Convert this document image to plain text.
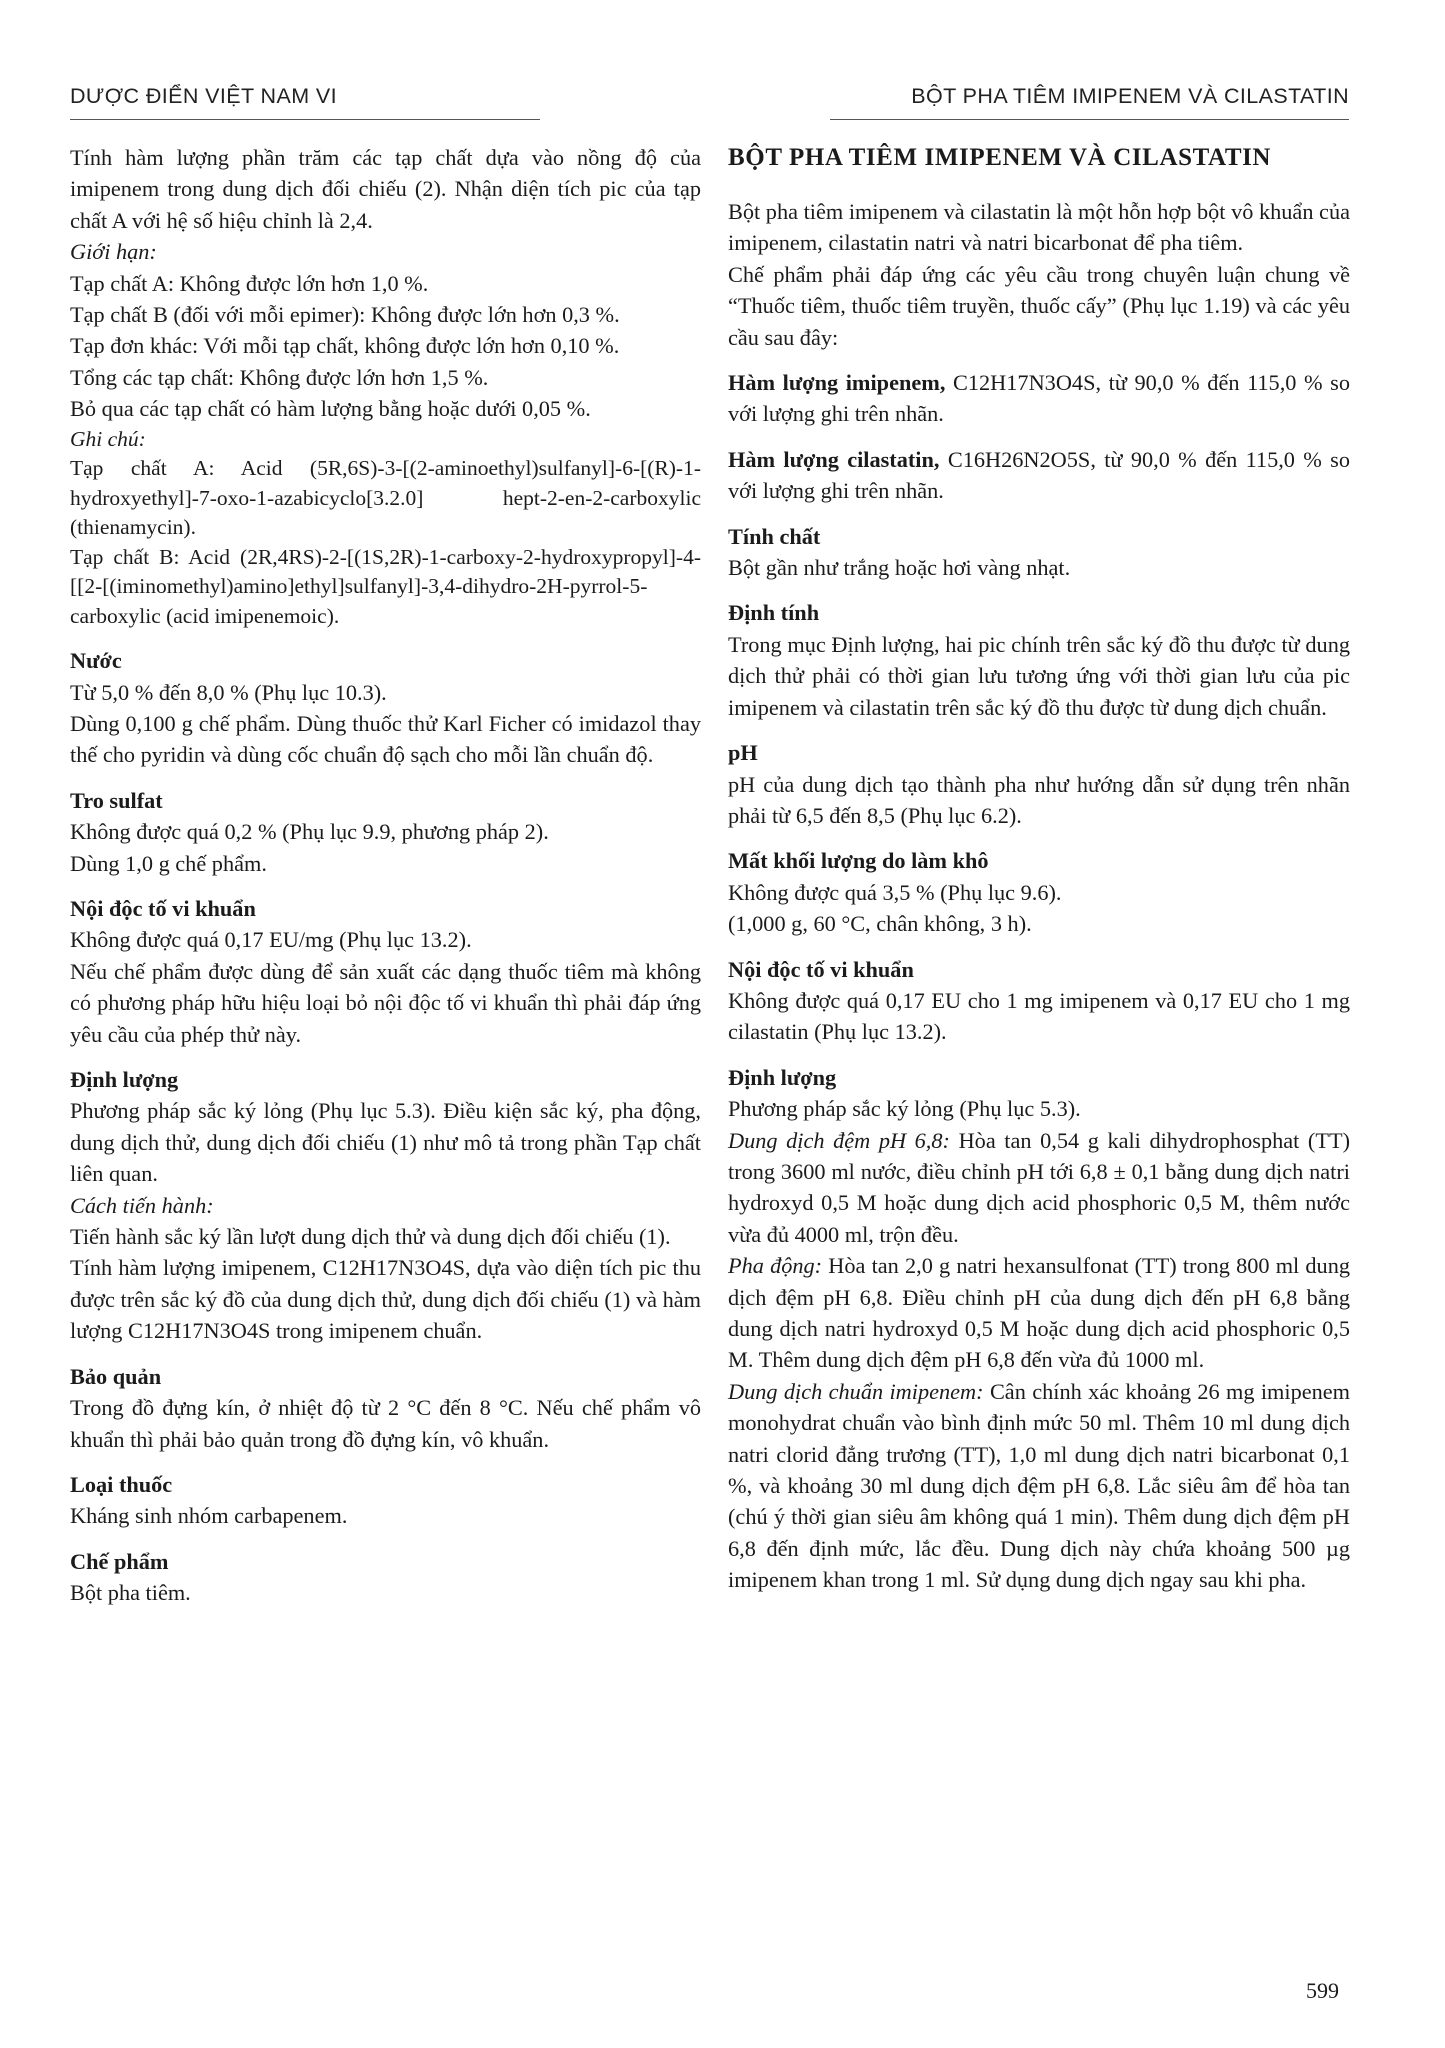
DƯỢC ĐIỂN VIỆT NAM VI	BỘT PHA TIÊM IMIPENEM VÀ CILASTATIN

Tính hàm lượng phần trăm các tạp chất dựa vào nồng độ của imipenem trong dung dịch đối chiếu (2). Nhận diện tích pic của tạp chất A với hệ số hiệu chỉnh là 2,4.

Giới hạn:

Tạp chất A: Không được lớn hơn 1,0 %.

Tạp chất B (đối với mỗi epimer): Không được lớn hơn 0,3 %.

Tạp đơn khác: Với mỗi tạp chất, không được lớn hơn 0,10 %.

Tổng các tạp chất: Không được lớn hơn 1,5 %.

Bỏ qua các tạp chất có hàm lượng bằng hoặc dưới 0,05 %.

Ghi chú:

Tạp chất A: Acid (5R,6S)-3-[(2-aminoethyl)sulfanyl]-6-[(R)-1-hydroxyethyl]-7-oxo-1-azabicyclo[3.2.0] hept-2-en-2-carboxylic (thienamycin).

Tạp chất B: Acid (2R,4RS)-2-[(1S,2R)-1-carboxy-2-hydroxypropyl]-4-[[2-[(iminomethyl)amino]ethyl]sulfanyl]-3,4-dihydro-2H-pyrrol-5-carboxylic (acid imipenemoic).

Nước

Từ 5,0 % đến 8,0 % (Phụ lục 10.3).

Dùng 0,100 g chế phẩm. Dùng thuốc thử Karl Ficher có imidazol thay thế cho pyridin và dùng cốc chuẩn độ sạch cho mỗi lần chuẩn độ.

Tro sulfat

Không được quá 0,2 % (Phụ lục 9.9, phương pháp 2).

Dùng 1,0 g chế phẩm.

Nội độc tố vi khuẩn

Không được quá 0,17 EU/mg (Phụ lục 13.2).

Nếu chế phẩm được dùng để sản xuất các dạng thuốc tiêm mà không có phương pháp hữu hiệu loại bỏ nội độc tố vi khuẩn thì phải đáp ứng yêu cầu của phép thử này.

Định lượng

Phương pháp sắc ký lỏng (Phụ lục 5.3). Điều kiện sắc ký, pha động, dung dịch thử, dung dịch đối chiếu (1) như mô tả trong phần Tạp chất liên quan.

Cách tiến hành:

Tiến hành sắc ký lần lượt dung dịch thử và dung dịch đối chiếu (1).

Tính hàm lượng imipenem, C12H17N3O4S, dựa vào diện tích pic thu được trên sắc ký đồ của dung dịch thử, dung dịch đối chiếu (1) và hàm lượng C12H17N3O4S trong imipenem chuẩn.

Bảo quản

Trong đồ đựng kín, ở nhiệt độ từ 2 °C đến 8 °C. Nếu chế phẩm vô khuẩn thì phải bảo quản trong đồ đựng kín, vô khuẩn.

Loại thuốc

Kháng sinh nhóm carbapenem.

Chế phẩm

Bột pha tiêm.

BỘT PHA TIÊM IMIPENEM VÀ CILASTATIN

Bột pha tiêm imipenem và cilastatin là một hỗn hợp bột vô khuẩn của imipenem, cilastatin natri và natri bicarbonat để pha tiêm.

Chế phẩm phải đáp ứng các yêu cầu trong chuyên luận chung về “Thuốc tiêm, thuốc tiêm truyền, thuốc cấy” (Phụ lục 1.19) và các yêu cầu sau đây:

Hàm lượng imipenem, C12H17N3O4S, từ 90,0 % đến 115,0 % so với lượng ghi trên nhãn.

Hàm lượng cilastatin, C16H26N2O5S, từ 90,0 % đến 115,0 % so với lượng ghi trên nhãn.

Tính chất

Bột gần như trắng hoặc hơi vàng nhạt.

Định tính

Trong mục Định lượng, hai pic chính trên sắc ký đồ thu được từ dung dịch thử phải có thời gian lưu tương ứng với thời gian lưu của pic imipenem và cilastatin trên sắc ký đồ thu được từ dung dịch chuẩn.

pH

pH của dung dịch tạo thành pha như hướng dẫn sử dụng trên nhãn phải từ 6,5 đến 8,5 (Phụ lục 6.2).

Mất khối lượng do làm khô

Không được quá 3,5 % (Phụ lục 9.6).

(1,000 g, 60 °C, chân không, 3 h).

Nội độc tố vi khuẩn

Không được quá 0,17 EU cho 1 mg imipenem và 0,17 EU cho 1 mg cilastatin (Phụ lục 13.2).

Định lượng

Phương pháp sắc ký lỏng (Phụ lục 5.3).

Dung dịch đệm pH 6,8: Hòa tan 0,54 g kali dihydrophosphat (TT) trong 3600 ml nước, điều chỉnh pH tới 6,8 ± 0,1 bằng dung dịch natri hydroxyd 0,5 M hoặc dung dịch acid phosphoric 0,5 M, thêm nước vừa đủ 4000 ml, trộn đều.

Pha động: Hòa tan 2,0 g natri hexansulfonat (TT) trong 800 ml dung dịch đệm pH 6,8. Điều chỉnh pH của dung dịch đến pH 6,8 bằng dung dịch natri hydroxyd 0,5 M hoặc dung dịch acid phosphoric 0,5 M. Thêm dung dịch đệm pH 6,8 đến vừa đủ 1000 ml.

Dung dịch chuẩn imipenem: Cân chính xác khoảng 26 mg imipenem monohydrat chuẩn vào bình định mức 50 ml. Thêm 10 ml dung dịch natri clorid đẳng trương (TT), 1,0 ml dung dịch natri bicarbonat 0,1 %, và khoảng 30 ml dung dịch đệm pH 6,8. Lắc siêu âm để hòa tan (chú ý thời gian siêu âm không quá 1 min). Thêm dung dịch đệm pH 6,8 đến định mức, lắc đều. Dung dịch này chứa khoảng 500 µg imipenem khan trong 1 ml. Sử dụng dung dịch ngay sau khi pha.

599
